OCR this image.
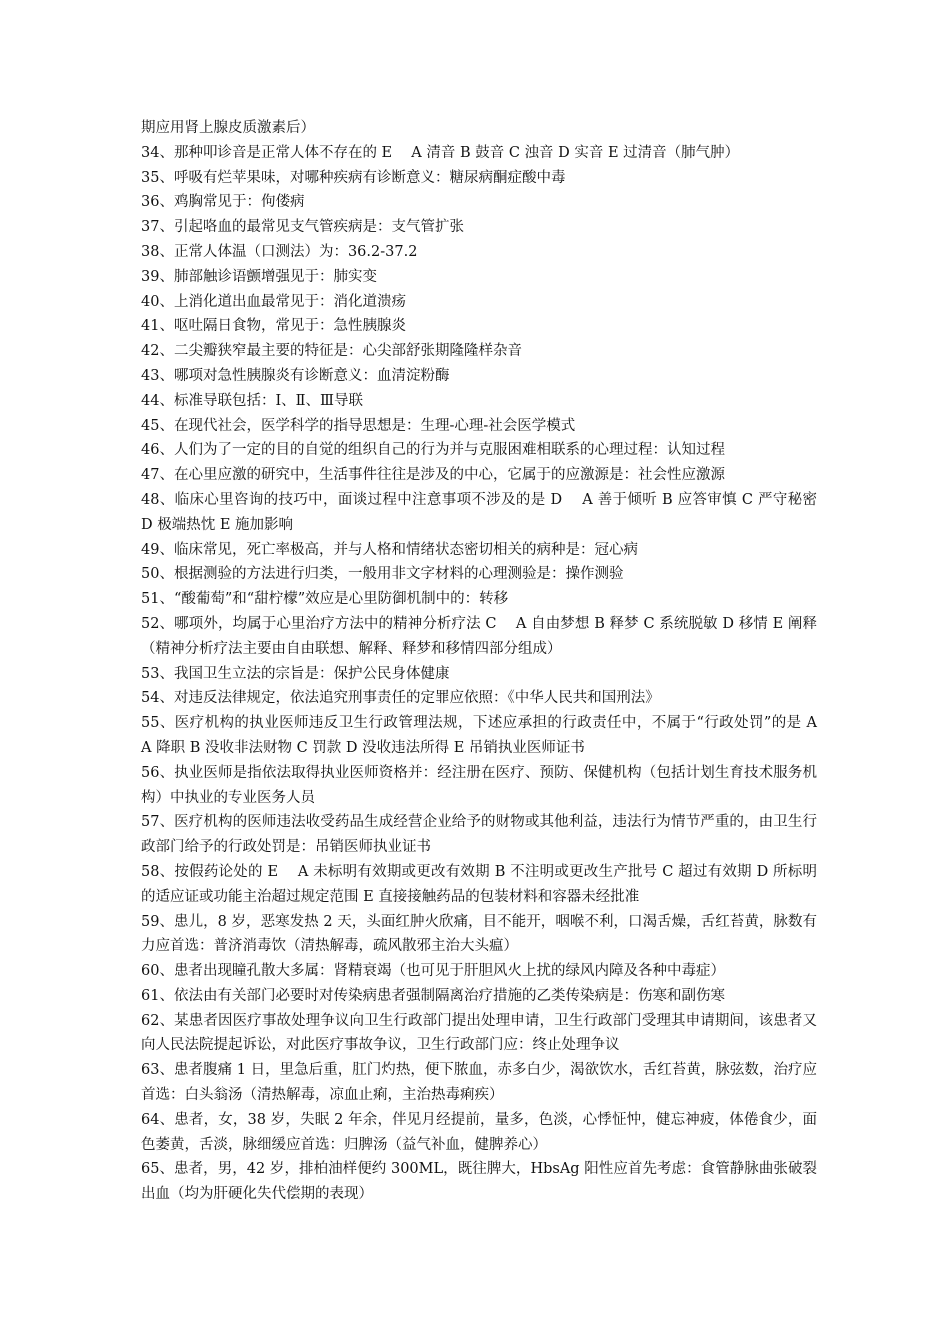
期应用肾上腺皮质激素后）

34、那种叩诊音是正常人体不存在的 E　 A 清音 B 鼓音 C 浊音 D 实音 E 过清音（肺气肿）

35、呼吸有烂苹果味，对哪种疾病有诊断意义：糖尿病酮症酸中毒

36、鸡胸常见于：佝偻病

37、引起咯血的最常见支气管疾病是：支气管扩张

38、正常人体温（口测法）为：36.2-37.2

39、肺部触诊语颤增强见于：肺实变

40、上消化道出血最常见于：消化道溃疡

41、呕吐隔日食物，常见于：急性胰腺炎

42、二尖瓣狭窄最主要的特征是：心尖部舒张期隆隆样杂音

43、哪项对急性胰腺炎有诊断意义：血清淀粉酶

44、标准导联包括：Ⅰ、Ⅱ、Ⅲ导联

45、在现代社会，医学科学的指导思想是：生理-心理-社会医学模式

46、人们为了一定的目的自觉的组织自己的行为并与克服困难相联系的心理过程：认知过程

47、在心里应激的研究中，生活事件往往是涉及的中心，它属于的应激源是：社会性应激源

48、临床心里咨询的技巧中，面谈过程中注意事项不涉及的是 D　 A 善于倾听 B 应答审慎 C 严守秘密 D 极端热忱 E 施加影响

49、临床常见，死亡率极高，并与人格和情绪状态密切相关的病种是：冠心病

50、根据测验的方法进行归类，一般用非文字材料的心理测验是：操作测验

51、“酸葡萄”和“甜柠檬”效应是心里防御机制中的：转移

52、哪项外，均属于心里治疗方法中的精神分析疗法 C　 A 自由梦想 B 释梦 C 系统脱敏 D 移情 E 阐释（精神分析疗法主要由自由联想、解释、释梦和移情四部分组成）

53、我国卫生立法的宗旨是：保护公民身体健康

54、对违反法律规定，依法追究刑事责任的定罪应依照：《中华人民共和国刑法》

55、医疗机构的执业医师违反卫生行政管理法规，下述应承担的行政责任中，不属于“行政处罚”的是 A　A 降职 B 没收非法财物 C 罚款 D 没收违法所得 E 吊销执业医师证书

56、执业医师是指依法取得执业医师资格并：经注册在医疗、预防、保健机构（包括计划生育技术服务机构）中执业的专业医务人员

57、医疗机构的医师违法收受药品生成经营企业给予的财物或其他利益，违法行为情节严重的，由卫生行政部门给予的行政处罚是：吊销医师执业证书

58、按假药论处的 E　 A 未标明有效期或更改有效期 B 不注明或更改生产批号 C 超过有效期 D 所标明的适应证或功能主治超过规定范围 E 直接接触药品的包装材料和容器未经批准

59、患儿，8 岁，恶寒发热 2 天，头面红肿火欣痛，目不能开，咽喉不利，口渴舌燥，舌红苔黄，脉数有力应首选：普济消毒饮（清热解毒，疏风散邪主治大头瘟）

60、患者出现瞳孔散大多属：肾精衰竭（也可见于肝胆风火上扰的绿风内障及各种中毒症）

61、依法由有关部门必要时对传染病患者强制隔离治疗措施的乙类传染病是：伤寒和副伤寒

62、某患者因医疗事故处理争议向卫生行政部门提出处理申请，卫生行政部门受理其申请期间，该患者又向人民法院提起诉讼，对此医疗事故争议，卫生行政部门应：终止处理争议

63、患者腹痛 1 日，里急后重，肛门灼热，便下脓血，赤多白少，渴欲饮水，舌红苔黄，脉弦数，治疗应首选：白头翁汤（清热解毒，凉血止痢，主治热毒痢疾）

64、患者，女，38 岁，失眠 2 年余，伴见月经提前，量多，色淡，心悸怔忡，健忘神疲，体倦食少，面色萎黄，舌淡，脉细缓应首选：归脾汤（益气补血，健脾养心）

65、患者，男，42 岁，排柏油样便约 300ML，既往脾大，HbsAg 阳性应首先考虑：食管静脉曲张破裂出血（均为肝硬化失代偿期的表现）
